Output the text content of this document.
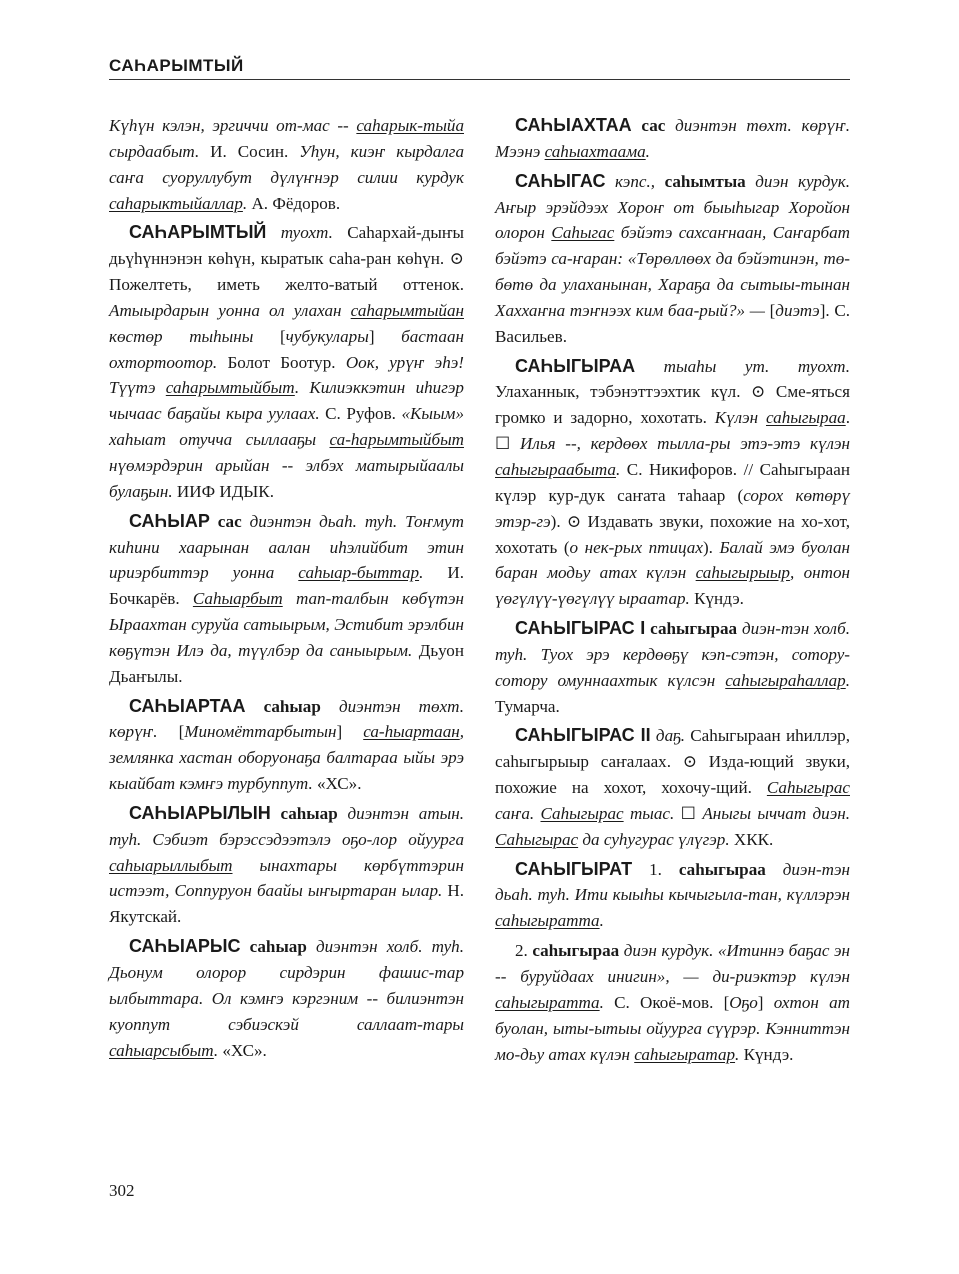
САҺАРЫМТЫЙ

Күһүн кэлэн, эргиччи от-мас -- саһарык-тыйа сырдаабыт. И. Сосин. Уһун, киэҥ кырдалга саҥа суоруллубут дүлүҥнэр силии курдук саһарыктыйаллар. А. Фёдоров.

САҺАРЫМТЫЙ туохт. Саһархай-дыҥы дьүһүннэнэн көһүн, кыратык саһа-ран көһүн. ⊙ Пожелтеть, иметь желто-ватый оттенок. Атыырдарын уонна ол улахан саһарымтыйан көстөр тыһыны [чубукулары] бастаан охтортоотор. Болот Боотур. Оок, урүҥ эһэ! Түүтэ саһарымтыйбыт. Килиэккэтин иһигэр чычаас баҕайы кыра уулаах. С. Руфов. «Кыым» хаһыат отучча сыллааҕы са-һарымтыйбыт нүөмэрдэрин арыйан -- элбэх матырыйаалы булаҕын. ИИФ ИДЫК.

САҺЫАР сас диэнтэн дьаһ. туһ. Тоҥмут киһини хаарынан аалан иһэлийбит этин ириэрбиттэр уонна саһыар-быттар. И. Бочкарёв. Саһыарбыт тап-талбын көбүтэн Ыраахтан суруйа сатыырым, Эстибит эрэлбин көҕүтэн Илэ да, түүлбэр да саныырым. Дьуон Дьаҥылы.

САҺЫАРТАА саһыар диэнтэн төхт. көрүҥ. [Миномёттарбытын] са-һыартаан, землянка хастан оборуонаҕа балтараа ыйы эрэ кыайбат кэмҥэ турбуппут. «ХС».

САҺЫАРЫЛЫН саһыар диэнтэн атын. туһ. Сэбиэт бэрэссэдээтэлэ оҕо-лор ойуурга саһыарыллыбыт ынахтары көрбүттэрин истээт, Соппуруон баайы ыҥыртаран ылар. Н. Якутскай.

САҺЫАРЫС саһыар диэнтэн холб. туһ. Дьонум олорор сирдэрин фашис-тар ылбыттара. Ол кэмҥэ кэргэним -- билиэнтэн куоппут сэбиэскэй саллаат-тары саһыарсыбыт. «ХС».

САҺЫАХТАА сас диэнтэн төхт. көрүҥ. Мээнэ саһыахтаама.

САҺЫГАС кэпс., саһымтыа диэн курдук. Аҥыр эрэйдээх Хороҥ от быыһыгар Хоройон олорон Саһыгас бэйэтэ сахсаҥнаан, Саҥарбат бэйэтэ са-ҥаран: «Төрөллөөх да бэйэтинэн, тө-бөтө да улаханынан, Хараҕа да сытыы-тынан Хаххаҥна тэҥнээх ким баа-рый?» — [диэтэ]. С. Васильев.

САҺЫГЫРАА тыаһы ут. туохт. Улаханнык, тэбэнэттээхтик күл. ⊙ Сме-яться громко и задорно, хохотать. Күлэн саһыгыраа. ☐ Илья --, кердөөх тылла-ры этэ-этэ күлэн саһыгыраабыта. С. Никифоров. // Саһыгыраан күлэр кур-дук саҥата таһаар (сорох көтөрү этэр-гэ). ⊙ Издавать звуки, похожие на хо-хот, хохотать (о нек-рых птицах). Балай эмэ буолан баран модьу атах күлэн саһыгырыыр, онтон үөгүлүү-үөгүлүү ыраатар. Күндэ.

САҺЫГЫРАС I саһыгыраа диэн-тэн холб. туһ. Туох эрэ кердөөҕү кэп-сэтэн, сотору-сотору омуннаахтык күлсэн саһыгыраһаллар. Тумарча.

САҺЫГЫРАС II даҕ. Саһыгыраан иһиллэр, саһыгырыыр саҥалаах. ⊙ Изда-ющий звуки, похожие на хохот, хохочу-щий. Саһыгырас саҥа. Саһыгырас тыас. ☐ Аныгы ыччат диэн. Саһыгырас да суһугурас үлүгэр. ХКК.

САҺЫГЫРАТ 1. саһыгыраа диэн-тэн дьаһ. туһ. Ити кыыһы кычыгыла-тан, күллэрэн саһыгыратта.

2. саһыгыраа диэн курдук. «Итиннэ баҕас эн -- буруйдаах инигин», — ди-риэктэр күлэн саһыгыратта. С. Окоё-мов. [Оҕо] охтон ат буолан, ыты-ытыы ойуурга сүүрэр. Кэнниттэн мо-дьу атах күлэн саһыгыратар. Күндэ.

302
